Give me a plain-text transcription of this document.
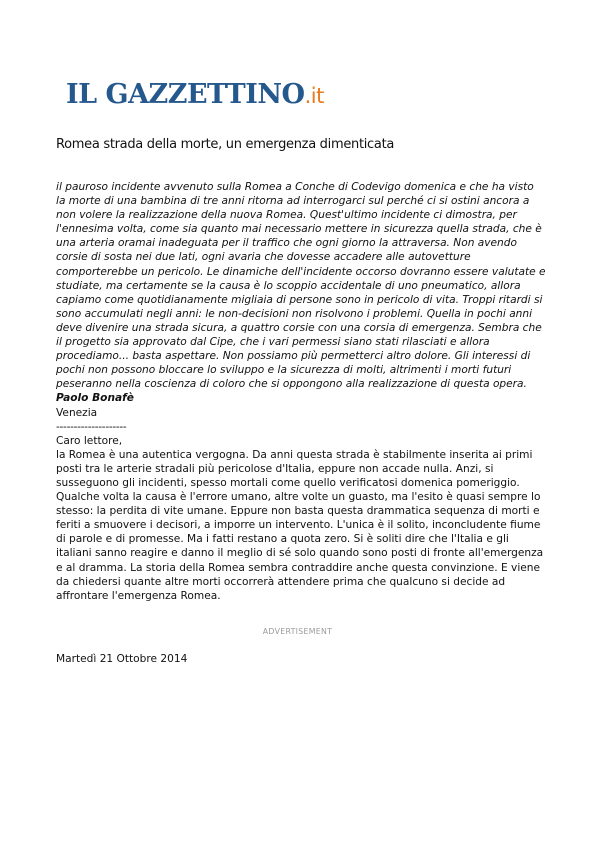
IL GAZZETTINO.it
Romea strada della morte, un emergenza dimenticata

il pauroso incidente avvenuto sulla Romea a Conche di Codevigo domenica e che ha visto la morte di una bambina di tre anni ritorna ad interrogarci sul perché ci si ostini ancora a non volere la realizzazione della nuova Romea. Quest'ultimo incidente ci dimostra, per l'ennesima volta, come sia quanto mai necessario mettere in sicurezza quella strada, che è una arteria oramai inadeguata per il traffico che ogni giorno la attraversa. Non avendo corsie di sosta nei due lati, ogni avaria che dovesse accadere alle autovetture comporterebbe un pericolo. Le dinamiche dell'incidente occorso dovranno essere valutate e studiate, ma certamente se la causa è lo scoppio accidentale di uno pneumatico, allora capiamo come quotidianamente migliaia di persone sono in pericolo di vita. Troppi ritardi si sono accumulati negli anni: le non-decisioni non risolvono i problemi. Quella in pochi anni deve divenire una strada sicura, a quattro corsie con una corsia di emergenza. Sembra che il progetto sia approvato dal Cipe, che i vari permessi siano stati rilasciati e allora procediamo... basta aspettare. Non possiamo più permetterci altro dolore. Gli interessi di pochi non possono bloccare lo sviluppo e la sicurezza di molti, altrimenti i morti futuri peseranno nella coscienza di coloro che si oppongono alla realizzazione di questa opera.

Paolo Bonafè

Venezia

--------------------

Caro lettore,

la Romea è una autentica vergogna. Da anni questa strada è stabilmente inserita ai primi posti tra le arterie stradali più pericolose d'Italia, eppure non accade nulla. Anzi, si susseguono gli incidenti, spesso mortali come quello verificatosi domenica pomeriggio. Qualche volta la causa è l'errore umano, altre volte un guasto, ma l'esito è quasi sempre lo stesso: la perdita di vite umane. Eppure non basta questa drammatica sequenza di morti e feriti a smuovere i decisori, a imporre un intervento. L'unica è il solito, inconcludente fiume di parole e di promesse. Ma i fatti restano a quota zero. Si è soliti dire che l'Italia e gli italiani sanno reagire e danno il meglio di sé solo quando sono posti di fronte all'emergenza e al dramma. La storia della Romea sembra contraddire anche questa convinzione. E viene da chiedersi quante altre morti occorrerà attendere prima che qualcuno si decide ad affrontare l'emergenza Romea.

ADVERTISEMENT
Martedì 21 Ottobre 2014
